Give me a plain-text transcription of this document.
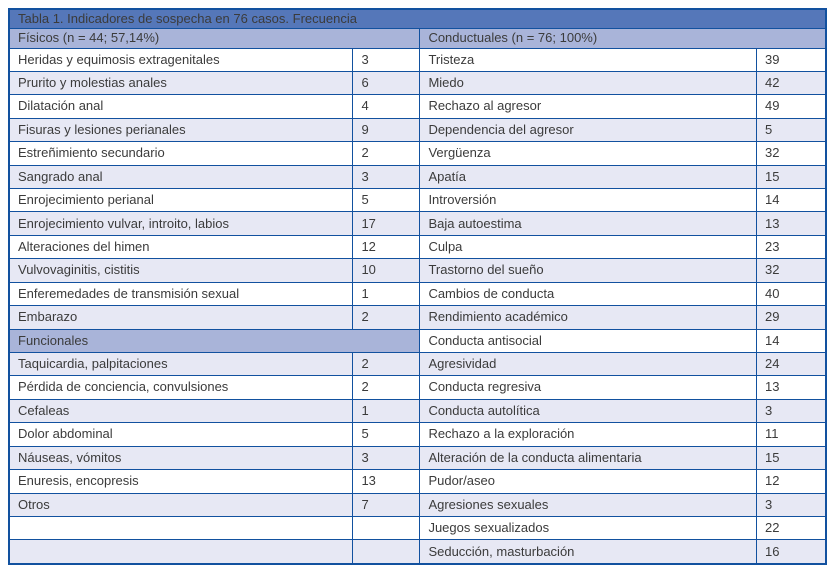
Tabla 1. Indicadores de sospecha en 76 casos. Frecuencia			
Físicos (n = 44; 57,14%)		Conductuales (n = 76; 100%)	
Heridas y equimosis extragenitales	3	Tristeza	39
Prurito y molestias anales	6	Miedo	42
Dilatación anal	4	Rechazo al agresor	49
Fisuras y lesiones perianales	9	Dependencia del agresor	5
Estreñimiento secundario	2	Vergüenza	32
Sangrado anal	3	Apatía	15
Enrojecimiento perianal	5	Introversión	14
Enrojecimiento vulvar, introito, labios	17	Baja autoestima	13
Alteraciones del himen	12	Culpa	23
Vulvovaginitis, cistitis	10	Trastorno del sueño	32
Enferemedades de transmisión sexual	1	Cambios de conducta	40
Embarazo	2	Rendimiento académico	29
Funcionales		Conducta antisocial	14
Taquicardia, palpitaciones	2	Agresividad	24
Pérdida de conciencia, convulsiones	2	Conducta regresiva	13
Cefaleas	1	Conducta autolítica	3
Dolor abdominal	5	Rechazo a la exploración	11
Náuseas, vómitos	3	Alteración de la conducta alimentaria	15
Enuresis, encopresis	13	Pudor/aseo	12
Otros	7	Agresiones sexuales	3
		Juegos sexualizados	22
		Seducción, masturbación	16
